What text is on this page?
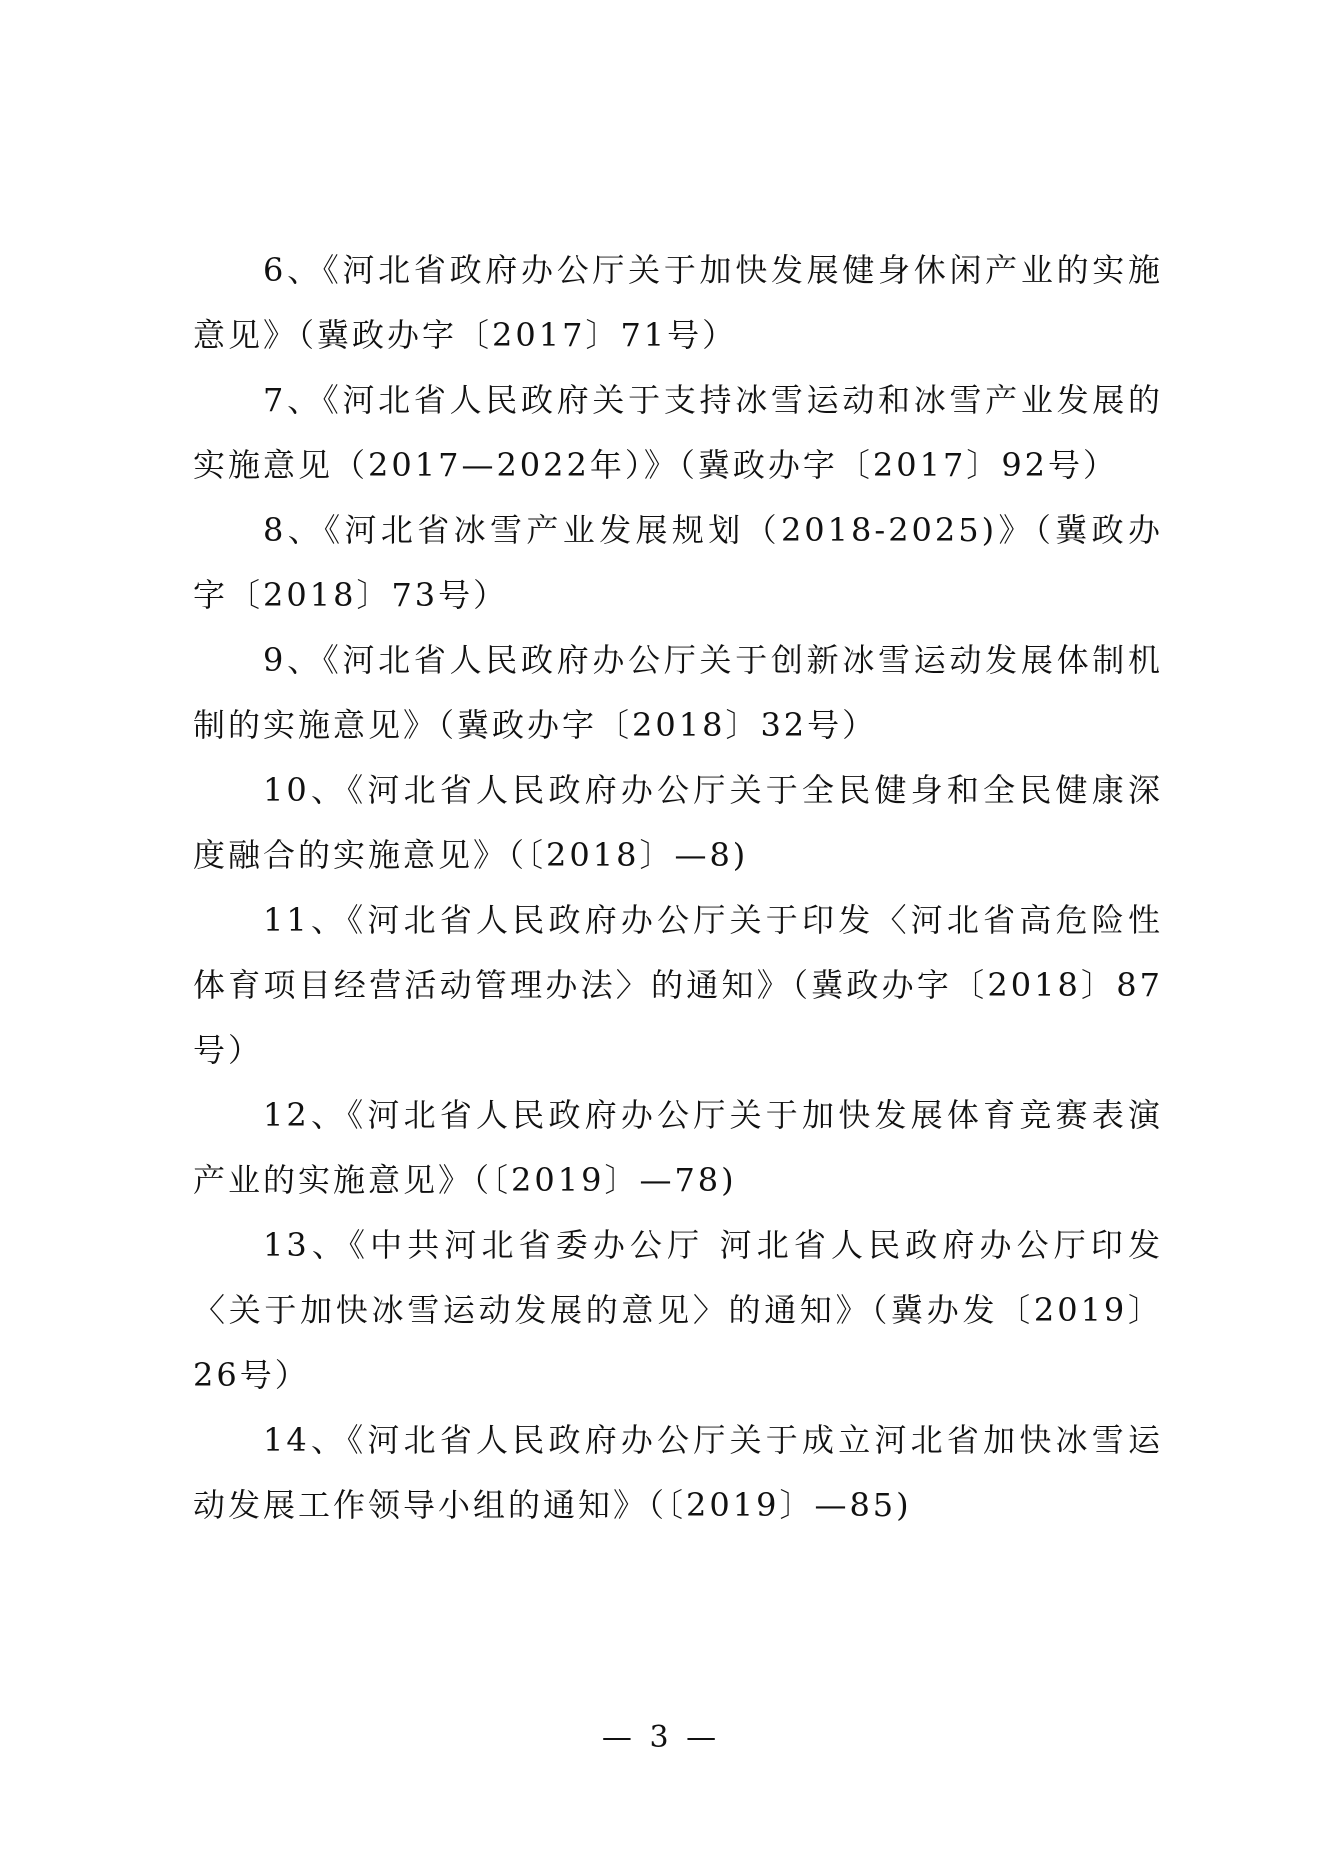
6、《河北省政府办公厅关于加快发展健身休闲产业的实施意见》（冀政办字〔2017〕71号）

7、《河北省人民政府关于支持冰雪运动和冰雪产业发展的实施意见（2017—2022年）》（冀政办字〔2017〕92号）

8、《河北省冰雪产业发展规划（2018-2025)》（冀政办字〔2018〕73号）

9、《河北省人民政府办公厅关于创新冰雪运动发展体制机制的实施意见》（冀政办字〔2018〕32号）

10、《河北省人民政府办公厅关于全民健身和全民健康深度融合的实施意见》（〔2018〕—8)

11、《河北省人民政府办公厅关于印发〈河北省高危险性体育项目经营活动管理办法〉的通知》（冀政办字〔2018〕87号）

12、《河北省人民政府办公厅关于加快发展体育竞赛表演产业的实施意见》（〔2019〕—78)

13、《中共河北省委办公厅 河北省人民政府办公厅印发〈关于加快冰雪运动发展的意见〉的通知》（冀办发〔2019〕26号）

14、《河北省人民政府办公厅关于成立河北省加快冰雪运动发展工作领导小组的通知》（〔2019〕—85)

— 3 —
